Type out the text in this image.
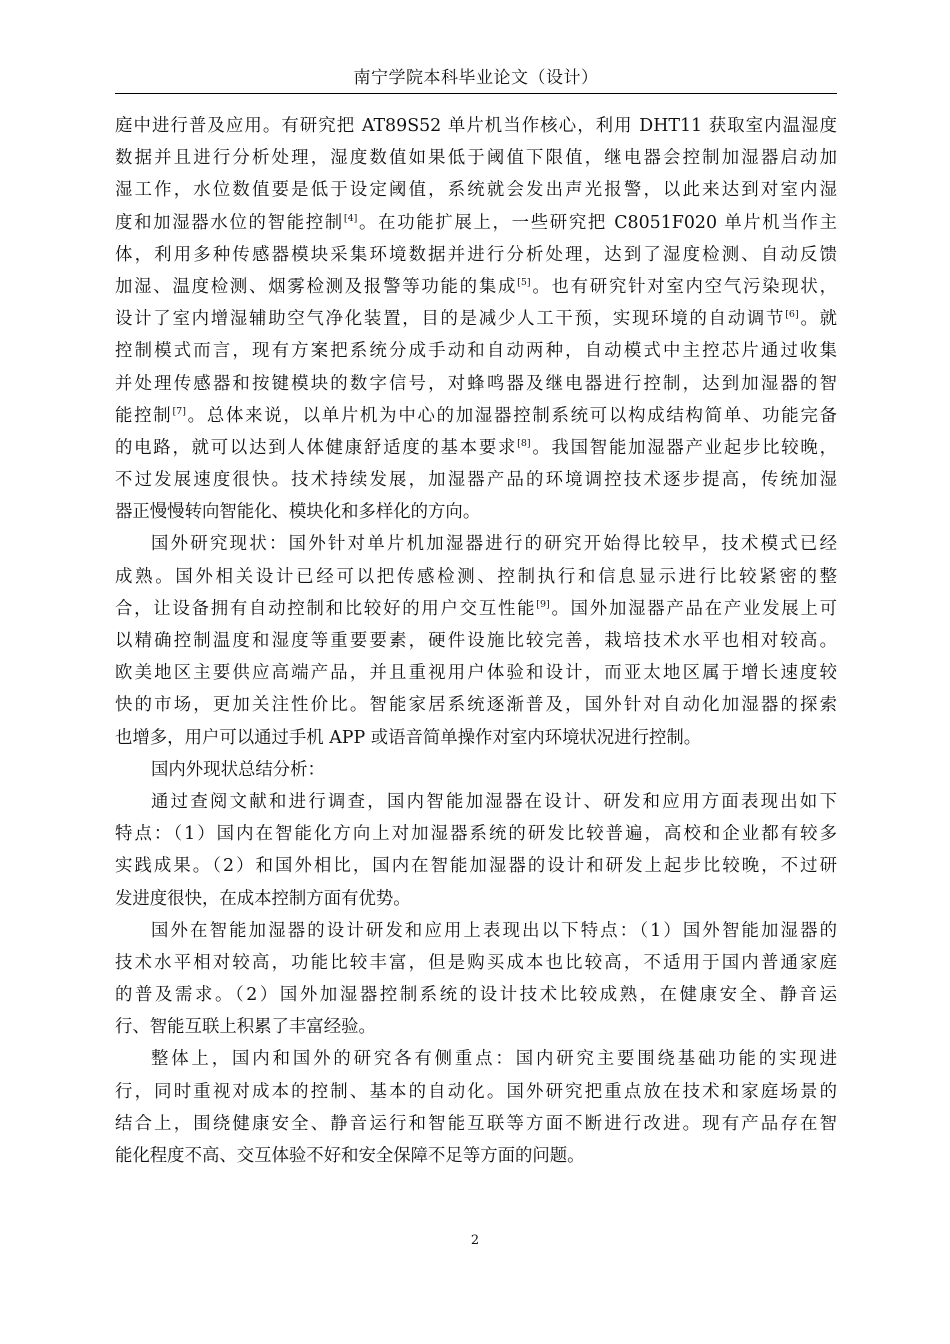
南宁学院本科毕业论文（设计）
庭中进行普及应用。有研究把 AT89S52 单片机当作核心，利用 DHT11 获取室内温湿度
数据并且进行分析处理，湿度数值如果低于阈值下限值，继电器会控制加湿器启动加
湿工作，水位数值要是低于设定阈值，系统就会发出声光报警，以此来达到对室内湿
度和加湿器水位的智能控制[4]。在功能扩展上，一些研究把 C8051F020 单片机当作主
体，利用多种传感器模块采集环境数据并进行分析处理，达到了湿度检测、自动反馈
加湿、温度检测、烟雾检测及报警等功能的集成[5]。也有研究针对室内空气污染现状，
设计了室内增湿辅助空气净化装置，目的是减少人工干预，实现环境的自动调节[6]。就
控制模式而言，现有方案把系统分成手动和自动两种，自动模式中主控芯片通过收集
并处理传感器和按键模块的数字信号，对蜂鸣器及继电器进行控制，达到加湿器的智
能控制[7]。总体来说，以单片机为中心的加湿器控制系统可以构成结构简单、功能完备
的电路，就可以达到人体健康舒适度的基本要求[8]。我国智能加湿器产业起步比较晚，
不过发展速度很快。技术持续发展，加湿器产品的环境调控技术逐步提高，传统加湿
器正慢慢转向智能化、模块化和多样化的方向。
国外研究现状：国外针对单片机加湿器进行的研究开始得比较早，技术模式已经
成熟。国外相关设计已经可以把传感检测、控制执行和信息显示进行比较紧密的整
合，让设备拥有自动控制和比较好的用户交互性能[9]。国外加湿器产品在产业发展上可
以精确控制温度和湿度等重要要素，硬件设施比较完善，栽培技术水平也相对较高。
欧美地区主要供应高端产品，并且重视用户体验和设计，而亚太地区属于增长速度较
快的市场，更加关注性价比。智能家居系统逐渐普及，国外针对自动化加湿器的探索
也增多，用户可以通过手机 APP 或语音简单操作对室内环境状况进行控制。
国内外现状总结分析：
通过查阅文献和进行调查，国内智能加湿器在设计、研发和应用方面表现出如下
特点：（1）国内在智能化方向上对加湿器系统的研发比较普遍，高校和企业都有较多
实践成果。（2）和国外相比，国内在智能加湿器的设计和研发上起步比较晚，不过研
发进度很快，在成本控制方面有优势。
国外在智能加湿器的设计研发和应用上表现出以下特点：（1）国外智能加湿器的
技术水平相对较高，功能比较丰富，但是购买成本也比较高，不适用于国内普通家庭
的普及需求。（2）国外加湿器控制系统的设计技术比较成熟，在健康安全、静音运
行、智能互联上积累了丰富经验。
整体上，国内和国外的研究各有侧重点：国内研究主要围绕基础功能的实现进
行，同时重视对成本的控制、基本的自动化。国外研究把重点放在技术和家庭场景的
结合上，围绕健康安全、静音运行和智能互联等方面不断进行改进。现有产品存在智
能化程度不高、交互体验不好和安全保障不足等方面的问题。
2
